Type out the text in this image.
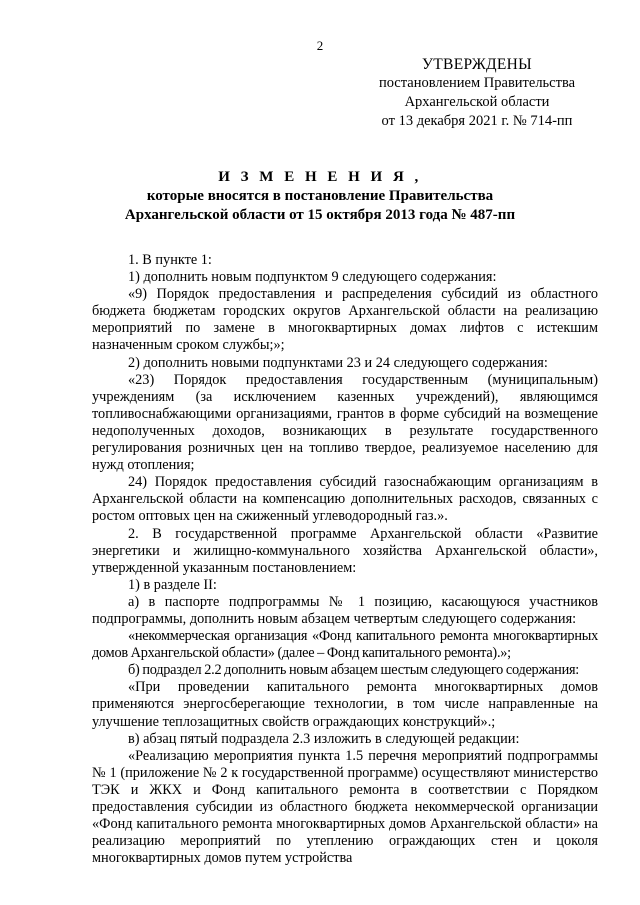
2
УТВЕРЖДЕНЫ
постановлением Правительства
Архангельской области
от 13 декабря 2021 г. № 714-пп
И З М Е Н Е Н И Я ,
которые вносятся в постановление Правительства
Архангельской области от 15 октября 2013 года № 487-пп

1. В пункте 1:

1) дополнить новым подпунктом 9 следующего содержания:

«9) Порядок предоставления и распределения субсидий из областного бюджета бюджетам городских округов Архангельской области на реализацию мероприятий по замене в многоквартирных домах лифтов с истекшим назначенным сроком службы;»;

2) дополнить новыми подпунктами 23 и 24 следующего содержания:

«23) Порядок предоставления государственным (муниципальным) учреждениям (за исключением казенных учреждений), являющимся топливоснабжающими организациями, грантов в форме субсидий на возмещение недополученных доходов, возникающих в результате государственного регулирования розничных цен на топливо твердое, реализуемое населению для нужд отопления;

24) Порядок предоставления субсидий газоснабжающим организациям в Архангельской области на компенсацию дополнительных расходов, связанных с ростом оптовых цен на сжиженный углеводородный газ.».

2. В государственной программе Архангельской области «Развитие энергетики и жилищно-коммунального хозяйства Архангельской области», утвержденной указанным постановлением:

1) в разделе II:

а) в паспорте подпрограммы № 1 позицию, касающуюся участников подпрограммы, дополнить новым абзацем четвертым следующего содержания:

«некоммерческая организация «Фонд капитального ремонта многоквартирных домов Архангельской области» (далее – Фонд капитального ремонта).»;

б) подраздел 2.2 дополнить новым абзацем шестым следующего содержания:

«При проведении капитального ремонта многоквартирных домов применяются энергосберегающие технологии, в том числе направленные на улучшение теплозащитных свойств ограждающих конструкций».;

в) абзац пятый подраздела 2.3 изложить в следующей редакции:

«Реализацию мероприятия пункта 1.5 перечня мероприятий подпрограммы № 1 (приложение № 2 к государственной программе) осуществляют министерство ТЭК и ЖКХ и Фонд капитального ремонта в соответствии с Порядком предоставления субсидии из областного бюджета некоммерческой организации «Фонд капитального ремонта многоквартирных домов Архангельской области» на реализацию мероприятий по утеплению ограждающих стен и цоколя многоквартирных домов путем устройства
